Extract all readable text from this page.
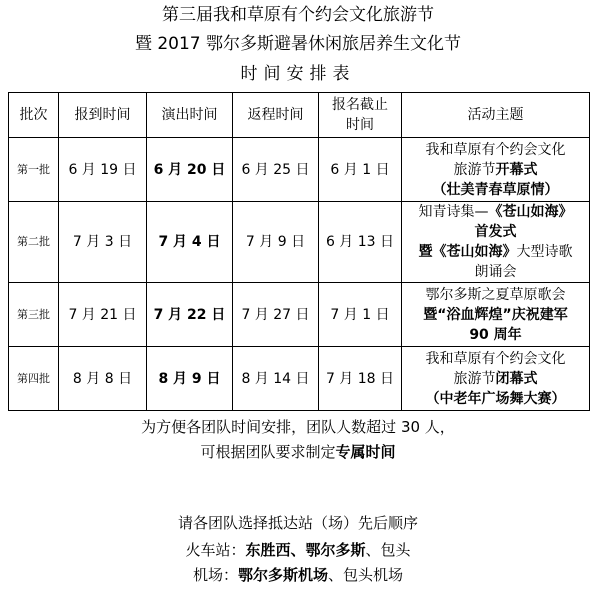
第三届我和草原有个约会文化旅游节
暨 2017 鄂尔多斯避暑休闲旅居养生文化节
时间安排表
批次	报到时间	演出时间	返程时间	报名截止
时间	活动主题
第一批	6 月 19 日	6 月 20 日	6 月 25 日	6 月 1 日	我和草原有个约会文化
旅游节开幕式
（壮美青春草原情）

第二批	7 月 3 日	7 月 4 日	7 月 9 日	6 月 13 日	知青诗集—《苍山如海》
首发式
暨《苍山如海》大型诗歌
朗诵会

第三批	7 月 21 日	7 月 22 日	7 月 27 日	7 月 1 日	鄂尔多斯之夏草原歌会
暨“浴血辉煌”庆祝建军
90 周年

第四批	8 月 8 日	8 月 9 日	8 月 14 日	7 月 18 日	我和草原有个约会文化
旅游节闭幕式
（中老年广场舞大赛）
为方便各团队时间安排，团队人数超过 30 人，
可根据团队要求制定专属时间
请各团队选择抵达站（场）先后顺序
火车站：东胜西、鄂尔多斯、包头
机场：鄂尔多斯机场、包头机场
